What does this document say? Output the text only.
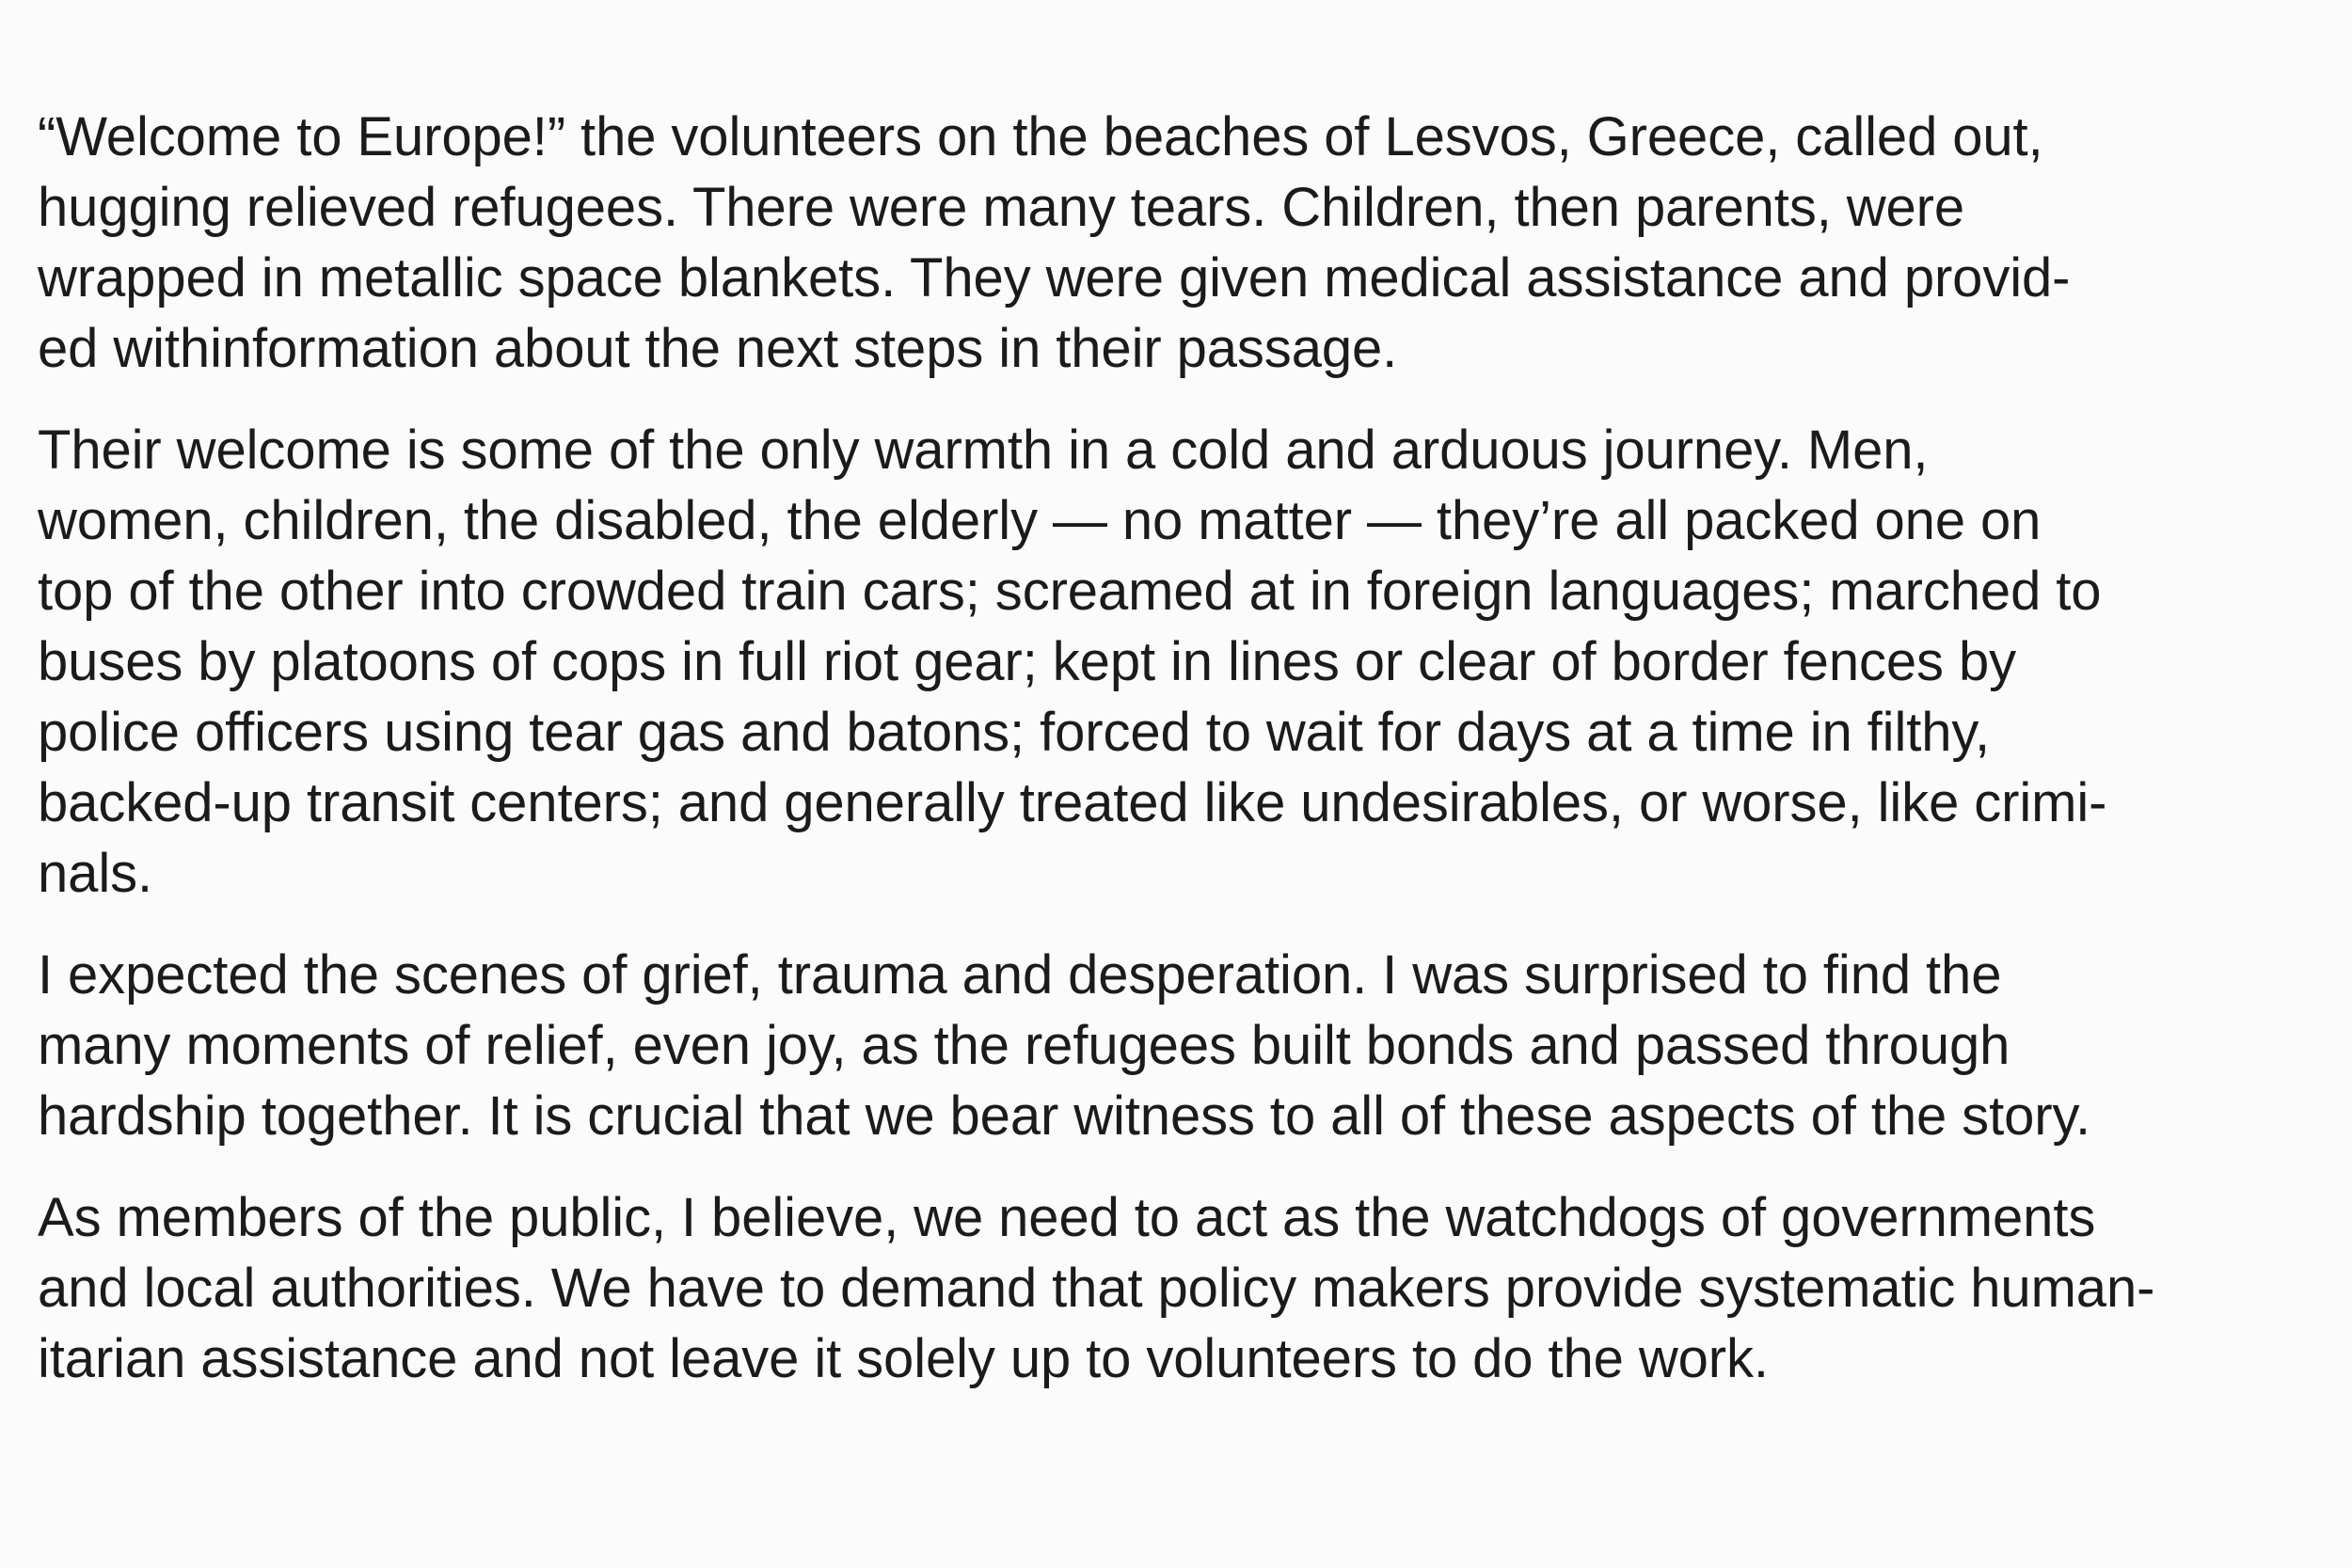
“Welcome to Europe!” the volunteers on the beaches of Lesvos, Greece, called out,
hugging relieved refugees. There were many tears. Children, then parents, were
wrapped in metallic space blankets. They were given medical assistance and provid-
ed withinformation about the next steps in their passage.

Their welcome is some of the only warmth in a cold and arduous journey. Men,
women, children, the disabled, the elderly — no matter — they’re all packed one on
top of the other into crowded train cars; screamed at in foreign languages; marched to
buses by platoons of cops in full riot gear; kept in lines or clear of border fences by
police officers using tear gas and batons; forced to wait for days at a time in filthy,
backed-up transit centers; and generally treated like undesirables, or worse, like crimi-
nals.

I expected the scenes of grief, trauma and desperation. I was surprised to find the
many moments of relief, even joy, as the refugees built bonds and passed through
hardship together. It is crucial that we bear witness to all of these aspects of the story.

As members of the public, I believe, we need to act as the watchdogs of governments
and local authorities. We have to demand that policy makers provide systematic human-
itarian assistance and not leave it solely up to volunteers to do the work.
